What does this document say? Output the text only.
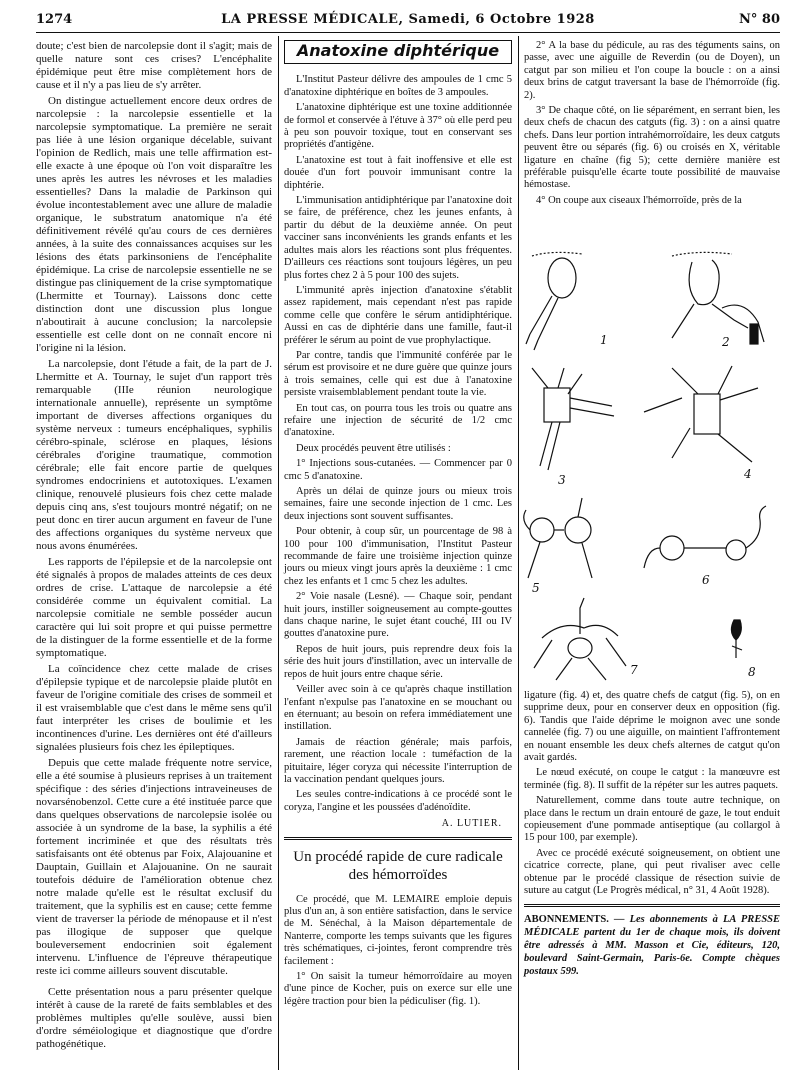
1274	LA PRESSE MÉDICALE, Samedi, 6 Octobre 1928	N° 80

doute; c'est bien de narcolepsie dont il s'agit; mais de quelle nature sont ces crises? L'encéphalite épidémique peut être mise complètement hors de cause et il n'y a pas lieu de s'y arrêter.

On distingue actuellement encore deux ordres de narcolepsie : la narcolepsie essentielle et la narcolepsie symptomatique. La première ne serait pas liée à une lésion organique décelable, suivant l'opinion de Redlich, mais une telle affirmation est-elle exacte à une époque où l'on voit disparaître les unes après les autres les névroses et les maladies essentielles? Dans la maladie de Parkinson qui évolue incontestablement avec une allure de maladie organique, le substratum anatomique n'a été définitivement révélé qu'au cours de ces dernières années, à la suite des connaissances acquises sur les lésions des états parkinsoniens de l'encéphalite épidémique. La crise de narcolepsie essentielle ne se distingue pas cliniquement de la crise symptomatique (Lhermitte et Tournay). Laissons donc cette distinction dont une discussion plus longue n'aboutirait à aucune conclusion; la narcolepsie essentielle est celle dont on ne connaît encore ni l'origine ni la lésion.

La narcolepsie, dont l'étude a fait, de la part de J. Lhermitte et A. Tournay, le sujet d'un rapport très remarquable (IIIe réunion neurologique internationale annuelle), représente un symptôme important de diverses affections organiques du système nerveux : tumeurs encéphaliques, syphilis cérébro-spinale, sclérose en plaques, lésions cérébrales d'origine traumatique, commotion cérébrale; elle fait encore partie de quelques syndromes endocriniens et autotoxiques. L'examen clinique, renouvelé plusieurs fois chez cette malade depuis cinq ans, s'est toujours montré négatif; on ne peut donc en tirer aucun argument en faveur de l'une des affections organiques du système nerveux que nous avons énumérées.

Les rapports de l'épilepsie et de la narcolepsie ont été signalés à propos de malades atteints de ces deux ordres de crise. L'attaque de narcolepsie a été considérée comme un équivalent comitial. La narcolepsie comitiale ne semble posséder aucun caractère qui lui soit propre et qui puisse permettre de la distinguer de la forme essentielle et de la forme symptomatique.

La coïncidence chez cette malade de crises d'épilepsie typique et de narcolepsie plaide plutôt en faveur de l'origine comitiale des crises de sommeil et il est vraisemblable que c'est dans le même sens qu'il faut interpréter les crises de boulimie et les incontinences d'urine. Les dernières ont été d'ailleurs signalées plusieurs fois chez les épileptiques.

Depuis que cette malade fréquente notre service, elle a été soumise à plusieurs reprises à un traitement spécifique : des séries d'injections intraveineuses de novarsénobenzol. Cette cure a été instituée parce que dans quelques observations de narcolepsie isolée ou associée à un syndrome de la base, la syphilis a été fortement incriminée et que des résultats très satisfaisants ont été obtenus par Foix, Alajouanine et Dauptain, Guillain et Alajouanine. On ne saurait toutefois déduire de l'amélioration obtenue chez notre malade qu'elle est le résultat exclusif du traitement, que la syphilis est en cause; cette femme vient de traverser la période de ménopause et il n'est pas illogique de supposer que quelque bouleversement endocrinien soit également intervenu. L'influence de l'épreuve thérapeutique reste ici comme ailleurs souvent discutable.

Cette présentation nous a paru présenter quelque intérêt à cause de la rareté de faits semblables et des problèmes multiples qu'elle soulève, aussi bien d'ordre séméiologique et diagnostique que d'ordre pathogénétique.

Anatoxine diphtérique

L'Institut Pasteur délivre des ampoules de 1 cmc 5 d'anatoxine diphtérique en boîtes de 3 ampoules.

L'anatoxine diphtérique est une toxine additionnée de formol et conservée à l'étuve à 37° où elle perd peu à peu son pouvoir toxique, tout en conservant ses propriétés d'antigène.

L'anatoxine est tout à fait inoffensive et elle est douée d'un fort pouvoir immunisant contre la diphtérie.

L'immunisation antidiphtérique par l'anatoxine doit se faire, de préférence, chez les jeunes enfants, à partir du début de la deuxième année. On peut vacciner sans inconvénients les grands enfants et les adultes mais alors les réactions sont plus fréquentes. D'ailleurs ces réactions sont toujours légères, un peu plus fortes chez 2 à 5 pour 100 des sujets.

L'immunité après injection d'anatoxine s'établit assez rapidement, mais cependant n'est pas rapide comme celle que confère le sérum antidiphtérique. Aussi en cas de diphtérie dans une famille, faut-il préférer le sérum au point de vue prophylactique.

Par contre, tandis que l'immunité conférée par le sérum est provisoire et ne dure guère que quinze jours à trois semaines, celle qui est due à l'anatoxine persiste vraisemblablement pendant toute la vie.

En tout cas, on pourra tous les trois ou quatre ans refaire une injection de sécurité de 1/2 cmc d'anatoxine.

Deux procédés peuvent être utilisés :

1° Injections sous-cutanées. — Commencer par 0 cmc 5 d'anatoxine.

Après un délai de quinze jours ou mieux trois semaines, faire une seconde injection de 1 cmc. Les deux injections sont souvent suffisantes.

Pour obtenir, à coup sûr, un pourcentage de 98 à 100 pour 100 d'immunisation, l'Institut Pasteur recommande de faire une troisième injection quinze jours ou mieux vingt jours après la deuxième : 1 cmc chez les enfants et 1 cmc 5 chez les adultes.

2° Voie nasale (Lesné). — Chaque soir, pendant huit jours, instiller soigneusement au compte-gouttes dans chaque narine, le sujet étant couché, III ou IV gouttes d'anatoxine pure.

Repos de huit jours, puis reprendre deux fois la série des huit jours d'instillation, avec un intervalle de repos de huit jours entre chaque série.

Veiller avec soin à ce qu'après chaque instillation l'enfant n'expulse pas l'anatoxine en se mouchant ou en éternuant; au besoin on refera immédiatement une instillation.

Jamais de réaction générale; mais parfois, rarement, une réaction locale : tuméfaction de la pituitaire, léger coryza qui nécessite l'interruption de la vaccination pendant quelques jours.

Les seules contre-indications à ce procédé sont le coryza, l'angine et les poussées d'adénoïdite.

A. LUTIER.
Un procédé rapide de cure radicale des hémorroïdes

Ce procédé, que M. LEMAIRE emploie depuis plus d'un an, à son entière satisfaction, dans le service de M. Sénéchal, à la Maison départementale de Nanterre, comporte les temps suivants que les figures très schématiques, ci-jointes, feront comprendre très facilement :

1° On saisit la tumeur hémorroïdaire au moyen d'une pince de Kocher, puis on exerce sur elle une légère traction pour bien la pédiculiser (fig. 1).

2° A la base du pédicule, au ras des téguments sains, on passe, avec une aiguille de Reverdin (ou de Doyen), un catgut par son milieu et l'on coupe la boucle : on a ainsi deux brins de catgut traversant la base de l'hémorroïde (fig. 2).

3° De chaque côté, on lie séparément, en serrant bien, les deux chefs de chacun des catguts (fig. 3) : on a ainsi quatre chefs. Dans leur portion intrahémorroïdaire, les deux catguts peuvent être ou séparés (fig. 6) ou croisés en X, véritable ligature en chaîne (fig 5); cette dernière manière est préférable puisqu'elle écarte toute possibilité de mauvaise hémostase.

4° On coupe aux ciseaux l'hémorroïde, près de la

1	2
3	4
5
6
7	8

ligature (fig. 4) et, des quatre chefs de catgut (fig. 5), on en supprime deux, pour en conserver deux en opposition (fig. 6). Tandis que l'aide déprime le moignon avec une sonde cannelée (fig. 7) ou une aiguille, on maintient l'affrontement en nouant ensemble les deux chefs alternes de catgut qu'on avait gardés.

Le nœud exécuté, on coupe le catgut : la manœuvre est terminée (fig. 8). Il suffit de la répéter sur les autres paquets.

Naturellement, comme dans toute autre technique, on place dans le rectum un drain entouré de gaze, le tout enduit copieusement d'une pommade antiseptique (au collargol à 15 pour 100, par exemple).

Avec ce procédé exécuté soigneusement, on obtient une cicatrice correcte, plane, qui peut rivaliser avec celle obtenue par le procédé classique de résection suivie de suture au catgut (Le Progrès médical, n° 31, 4 Août 1928).

ABONNEMENTS. — Les abonnements à LA PRESSE MÉDICALE partent du 1er de chaque mois, ils doivent être adressés à MM. Masson et Cie, éditeurs, 120, boulevard Saint-Germain, Paris-6e. Compte chèques postaux 599.
